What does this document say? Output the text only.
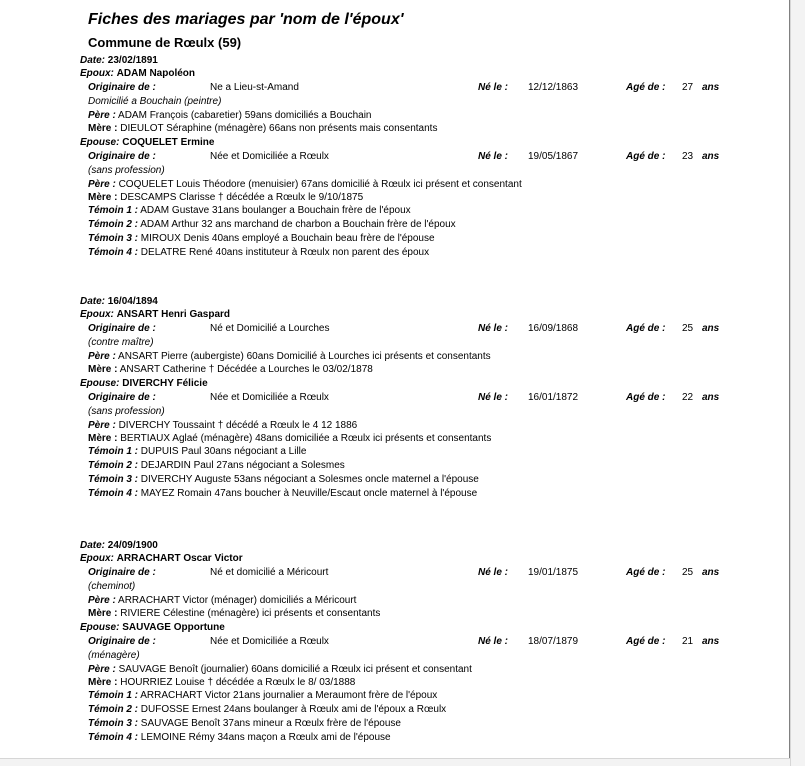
Fiches des mariages par 'nom de l'époux'
Commune de Rœulx (59)
Date: 23/02/1891
Epoux: ADAM Napoléon
Originaire de :	Ne a Lieu-st-Amand	Né le : 12/12/1863	Agé de : 27 ans
Domicilié a Bouchain (peintre)
Père : ADAM François (cabaretier) 59ans domiciliés a Bouchain
Mère : DIEULOT Séraphine (ménagère) 66ans non présents mais consentants
Epouse: COQUELET Ermine
Originaire de :	Née et Domiciliée a Rœulx	Né le : 19/05/1867	Agé de : 23 ans
(sans profession)
Père : COQUELET Louis Théodore (menuisier) 67ans domicilié à Rœulx ici présent et consentant
Mère : DESCAMPS Clarisse † décédée a Rœulx le 9/10/1875
Témoin 1 : ADAM Gustave 31ans boulanger a Bouchain frère de l'époux
Témoin 2 : ADAM Arthur 32 ans marchand de charbon a Bouchain frère de l'époux
Témoin 3 : MIROUX Denis 40ans employé a Bouchain beau frère de l'épouse
Témoin 4 : DELATRE René 40ans instituteur à Rœulx non parent des époux
Date: 16/04/1894
Epoux: ANSART Henri Gaspard
Originaire de :	Né et Domicilié a Lourches	Né le : 16/09/1868	Agé de : 25 ans
(contre maître)
Père : ANSART Pierre (aubergiste) 60ans Domicilié à Lourches ici présents et consentants
Mère : ANSART Catherine † Décédée a Lourches le 03/02/1878
Epouse: DIVERCHY Félicie
Originaire de :	Née et Domiciliée a Rœulx	Né le : 16/01/1872	Agé de : 22 ans
(sans profession)
Père : DIVERCHY Toussaint † décédé a Rœulx le 4 12 1886
Mère : BERTIAUX Aglaé (ménagère) 48ans domiciliée a Rœulx ici présents et consentants
Témoin 1 : DUPUIS Paul 30ans négociant a Lille
Témoin 2 : DEJARDIN Paul 27ans négociant a Solesmes
Témoin 3 : DIVERCHY Auguste 53ans négociant a Solesmes oncle maternel a l'épouse
Témoin 4 : MAYEZ Romain 47ans boucher à Neuville/Escaut oncle maternel à l'épouse
Date: 24/09/1900
Epoux: ARRACHART Oscar Victor
Originaire de :	Né et domicilié a Méricourt	Né le : 19/01/1875	Agé de : 25 ans
(cheminot)
Père : ARRACHART Victor (ménager) domiciliés a Méricourt
Mère : RIVIERE Célestine (ménagère) ici présents et consentants
Epouse: SAUVAGE Opportune
Originaire de :	Née et Domiciliée a Rœulx	Né le : 18/07/1879	Agé de : 21 ans
(ménagère)
Père : SAUVAGE Benoît (journalier) 60ans domicilié a Rœulx ici présent et consentant
Mère : HOURRIEZ Louise † décédée a Rœulx le 8/ 03/1888
Témoin 1 : ARRACHART Victor 21ans journalier a Meraumont frère de l'époux
Témoin 2 : DUFOSSE Ernest 24ans boulanger à Rœulx ami de l'époux a Rœulx
Témoin 3 : SAUVAGE Benoît 37ans mineur a Rœulx frère de l'épouse
Témoin 4 : LEMOINE Rémy 34ans maçon a Rœulx ami de l'épouse
